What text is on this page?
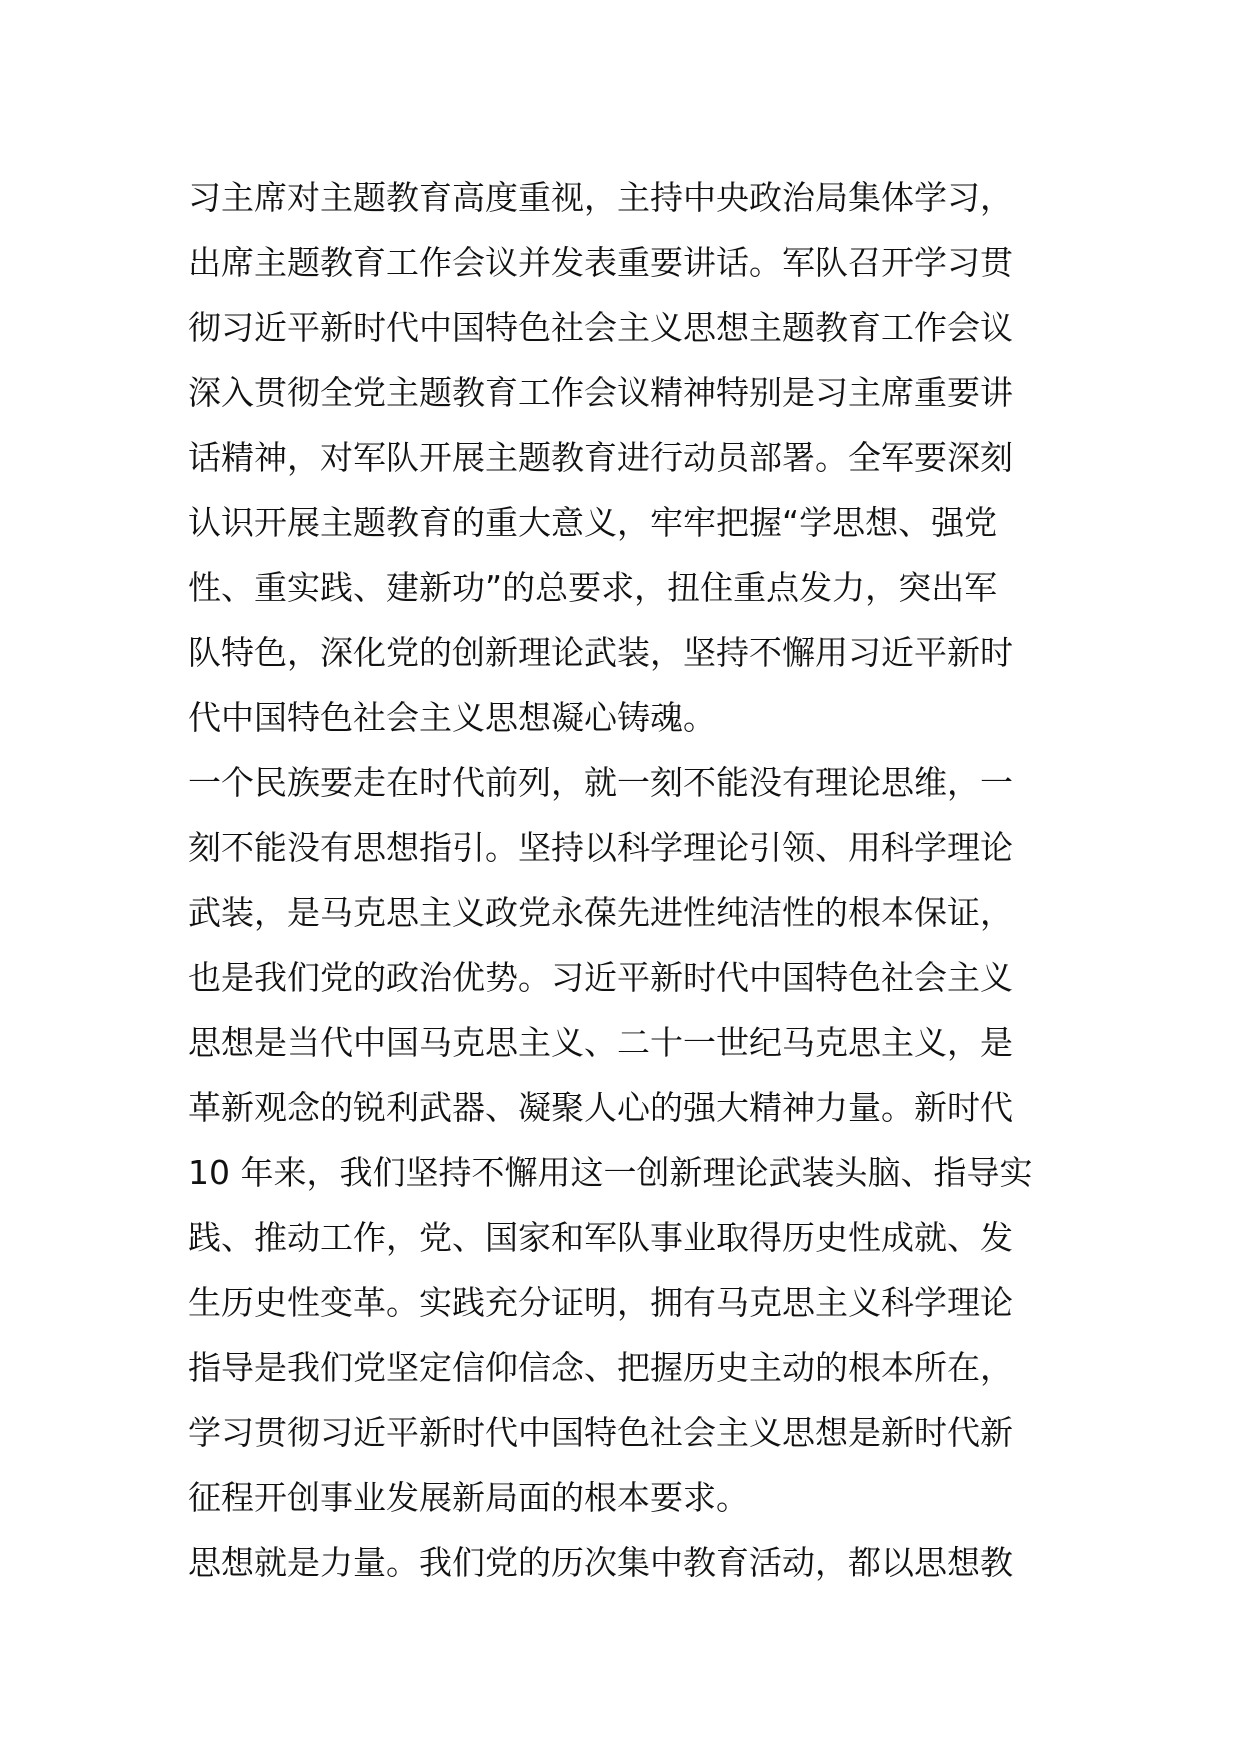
习主席对主题教育高度重视，主持中央政治局集体学习，
出席主题教育工作会议并发表重要讲话。军队召开学习贯
彻习近平新时代中国特色社会主义思想主题教育工作会议
深入贯彻全党主题教育工作会议精神特别是习主席重要讲
话精神，对军队开展主题教育进行动员部署。全军要深刻
认识开展主题教育的重大意义，牢牢把握“学思想、强党
性、重实践、建新功”的总要求，扭住重点发力，突出军
队特色，深化党的创新理论武装，坚持不懈用习近平新时
代中国特色社会主义思想凝心铸魂。
一个民族要走在时代前列，就一刻不能没有理论思维，一
刻不能没有思想指引。坚持以科学理论引领、用科学理论
武装，是马克思主义政党永葆先进性纯洁性的根本保证，
也是我们党的政治优势。习近平新时代中国特色社会主义
思想是当代中国马克思主义、二十一世纪马克思主义，是
革新观念的锐利武器、凝聚人心的强大精神力量。新时代
10 年来，我们坚持不懈用这一创新理论武装头脑、指导实
践、推动工作，党、国家和军队事业取得历史性成就、发
生历史性变革。实践充分证明，拥有马克思主义科学理论
指导是我们党坚定信仰信念、把握历史主动的根本所在，
学习贯彻习近平新时代中国特色社会主义思想是新时代新
征程开创事业发展新局面的根本要求。
思想就是力量。我们党的历次集中教育活动，都以思想教
